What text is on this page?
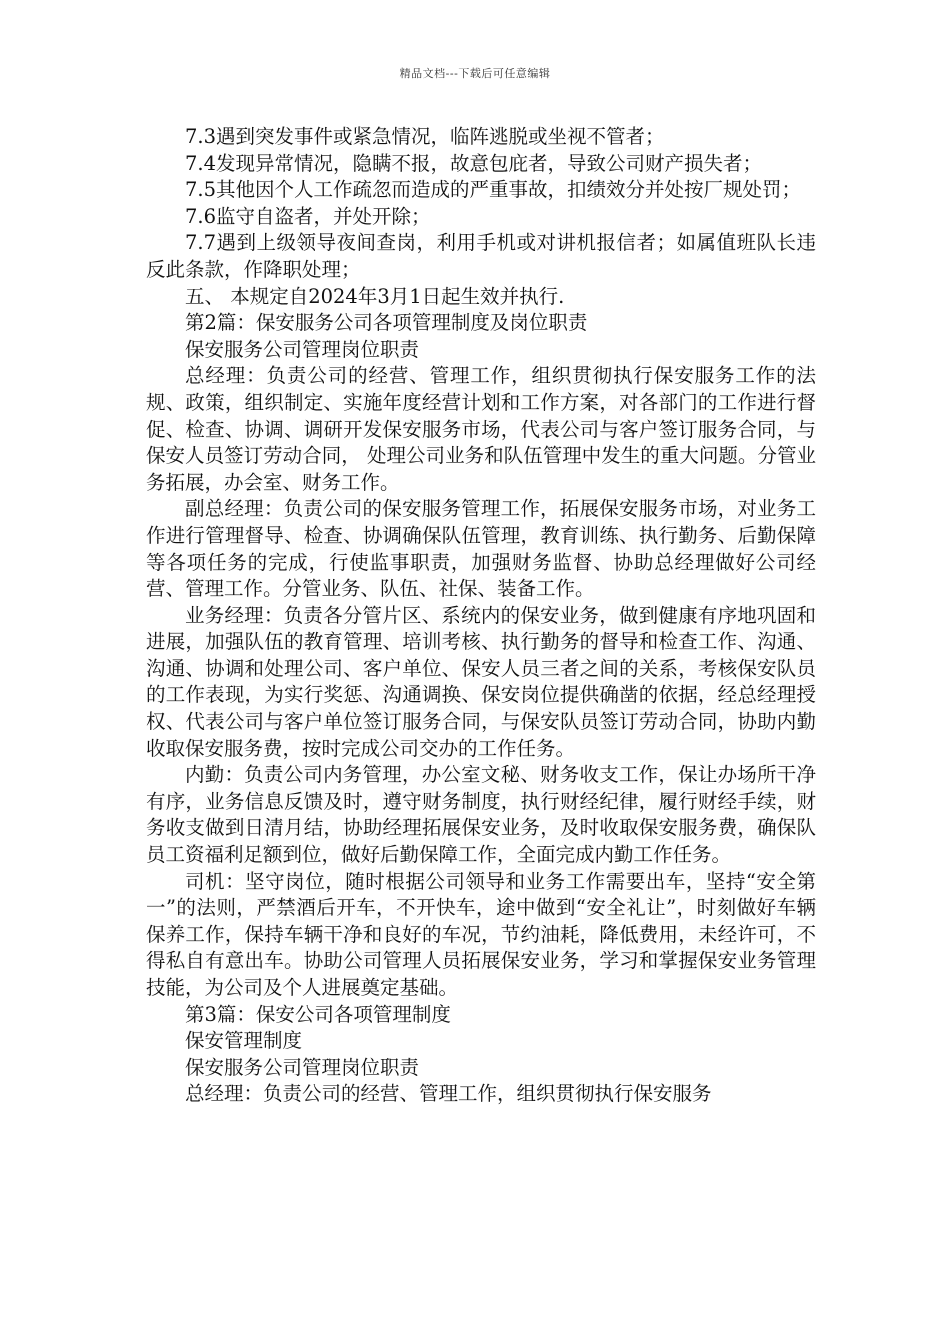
精品文档---下载后可任意编辑

7.3遇到突发事件或紧急情况，临阵逃脱或坐视不管者；

7.4发现异常情况，隐瞒不报，故意包庇者，导致公司财产损失者；

7.5其他因个人工作疏忽而造成的严重事故，扣绩效分并处按厂规处罚；

7.6监守自盗者，并处开除；

7.7遇到上级领导夜间查岗，利用手机或对讲机报信者；如属值班队长违反此条款，作降职处理；

五、 本规定自2024年3月1日起生效并执行.

第2篇：保安服务公司各项管理制度及岗位职责

保安服务公司管理岗位职责

总经理：负责公司的经营、管理工作，组织贯彻执行保安服务工作的法规、政策，组织制定、实施年度经营计划和工作方案，对各部门的工作进行督促、检查、协调、调研开发保安服务市场，代表公司与客户签订服务合同，与保安人员签订劳动合同， 处理公司业务和队伍管理中发生的重大问题。分管业务拓展，办会室、财务工作。

副总经理：负责公司的保安服务管理工作，拓展保安服务市场，对业务工作进行管理督导、检查、协调确保队伍管理，教育训练、执行勤务、后勤保障等各项任务的完成，行使监事职责，加强财务监督、协助总经理做好公司经营、管理工作。分管业务、队伍、社保、装备工作。

业务经理：负责各分管片区、系统内的保安业务，做到健康有序地巩固和进展，加强队伍的教育管理、培训考核、执行勤务的督导和检查工作、沟通、沟通、协调和处理公司、客户单位、保安人员三者之间的关系，考核保安队员的工作表现，为实行奖惩、沟通调换、保安岗位提供确凿的依据，经总经理授权、代表公司与客户单位签订服务合同，与保安队员签订劳动合同，协助内勤收取保安服务费，按时完成公司交办的工作任务。

内勤：负责公司内务管理，办公室文秘、财务收支工作，保让办场所干净有序，业务信息反馈及时，遵守财务制度，执行财经纪律，履行财经手续，财务收支做到日清月结，协助经理拓展保安业务，及时收取保安服务费，确保队员工资福利足额到位，做好后勤保障工作，全面完成内勤工作任务。

司机：坚守岗位，随时根据公司领导和业务工作需要出车，坚持“安全第一”的法则，严禁酒后开车，不开快车，途中做到“安全礼让”，时刻做好车辆保养工作，保持车辆干净和良好的车况，节约油耗，降低费用，未经许可，不得私自有意出车。协助公司管理人员拓展保安业务，学习和掌握保安业务管理技能，为公司及个人进展奠定基础。

第3篇：保安公司各项管理制度

保安管理制度

保安服务公司管理岗位职责

总经理：负责公司的经营、管理工作，组织贯彻执行保安服务
